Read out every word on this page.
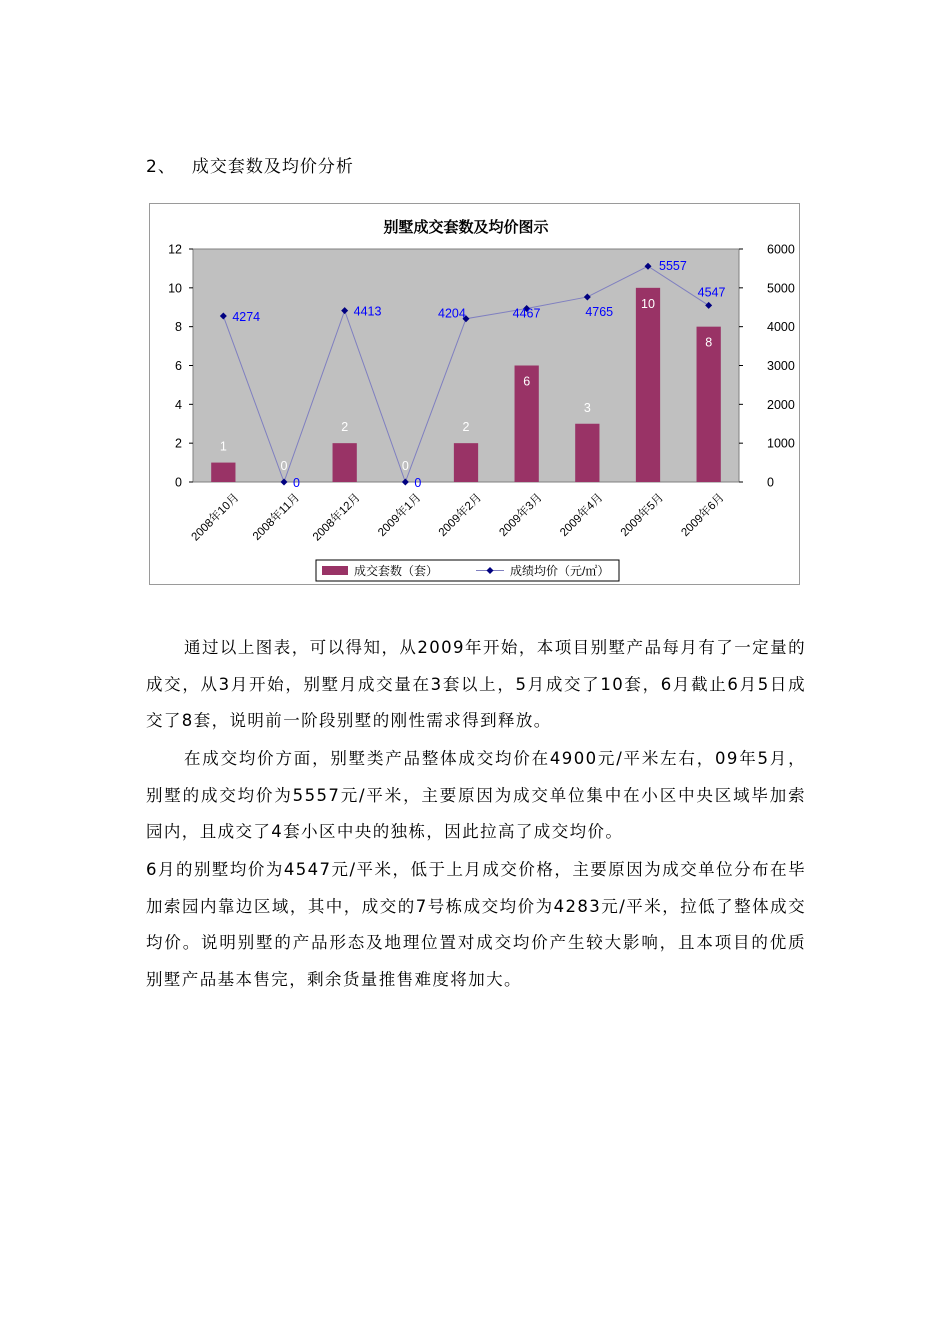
2、 成交套数及均价分析
别墅成交套数及均价图示
0
2
4
6
8
10
12
0
1000
2000
3000
4000
5000
6000
1
0
2
0
2
6
3
10
8
4274
0
4413
0
4204	4467	4765
5557
4547
2008年10月 2008年11月 2008年12月 2009年1月 2009年2月 2009年3月 2009年4月 2009年5月 2009年6月
成交套数（套）	成绩均价（元/㎡）

通过以上图表，可以得知，从2009年开始，本项目别墅产品每月有了一定量的成交，从3月开始，别墅月成交量在3套以上，5月成交了10套，6月截止6月5日成交了8套，说明前一阶段别墅的刚性需求得到释放。

在成交均价方面，别墅类产品整体成交均价在4900元/平米左右，09年5月，别墅的成交均价为5557元/平米，主要原因为成交单位集中在小区中央区域毕加索园内，且成交了4套小区中央的独栋，因此拉高了成交均价。

6月的别墅均价为4547元/平米，低于上月成交价格，主要原因为成交单位分布在毕加索园内靠边区域，其中，成交的7号栋成交均价为4283元/平米，拉低了整体成交均价。说明别墅的产品形态及地理位置对成交均价产生较大影响，且本项目的优质别墅产品基本售完，剩余货量推售难度将加大。
